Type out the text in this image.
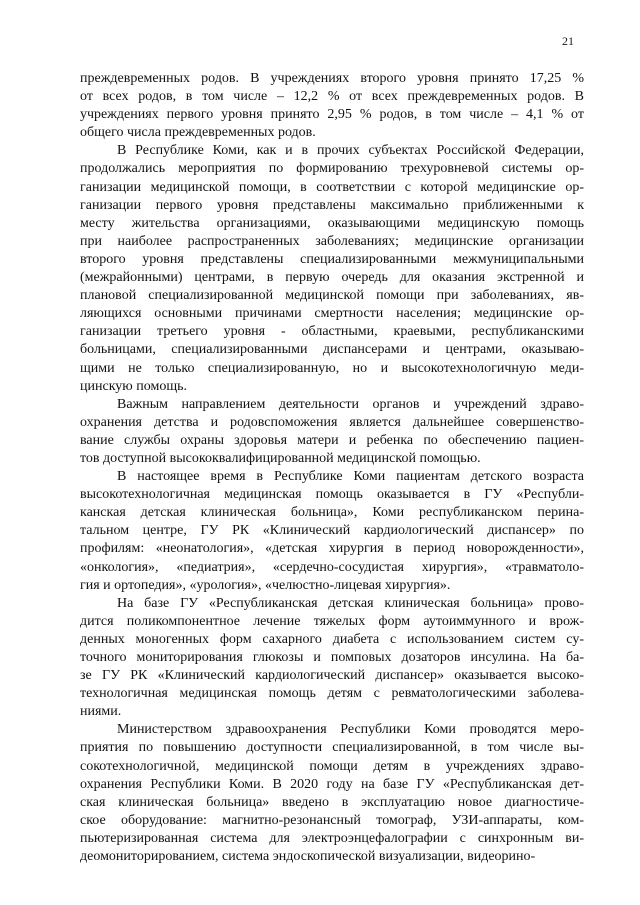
21
преждевременных родов. В учреждениях второго уровня принято 17,25 %
от всех родов, в том числе – 12,2 % от всех преждевременных родов. В
учреждениях первого уровня принято 2,95 % родов, в том числе – 4,1 % от
общего числа преждевременных родов.
В Республике Коми, как и в прочих субъектах Российской Федерации,
продолжались мероприятия по формированию трехуровневой системы ор-
ганизации медицинской помощи, в соответствии с которой медицинские ор-
ганизации первого уровня представлены максимально приближенными к
месту жительства организациями, оказывающими медицинскую помощь
при наиболее распространенных заболеваниях; медицинские организации
второго уровня представлены специализированными межмуниципальными
(межрайонными) центрами, в первую очередь для оказания экстренной и
плановой специализированной медицинской помощи при заболеваниях, яв-
ляющихся основными причинами смертности населения; медицинские ор-
ганизации третьего уровня - областными, краевыми, республиканскими
больницами, специализированными диспансерами и центрами, оказываю-
щими не только специализированную, но и высокотехнологичную меди-
цинскую помощь.
Важным направлением деятельности органов и учреждений здраво-
охранения детства и родовспоможения является дальнейшее совершенство-
вание службы охраны здоровья матери и ребенка по обеспечению пациен-
тов доступной высококвалифицированной медицинской помощью.
В настоящее время в Республике Коми пациентам детского возраста
высокотехнологичная медицинская помощь оказывается в ГУ «Республи-
канская детская клиническая больница», Коми республиканском перина-
тальном центре, ГУ РК «Клинический кардиологический диспансер» по
профилям: «неонатология», «детская хирургия в период новорожденности»,
«онкология», «педиатрия», «сердечно-сосудистая хирургия», «травматоло-
гия и ортопедия», «урология», «челюстно-лицевая хирургия».
На базе ГУ «Республиканская детская клиническая больница» прово-
дится поликомпонентное лечение тяжелых форм аутоиммунного и врож-
денных моногенных форм сахарного диабета с использованием систем су-
точного мониторирования глюкозы и помповых дозаторов инсулина. На ба-
зе ГУ РК «Клинический кардиологический диспансер» оказывается высоко-
технологичная медицинская помощь детям с ревматологическими заболева-
ниями.
Министерством здравоохранения Республики Коми проводятся меро-
приятия по повышению доступности специализированной, в том числе вы-
сокотехнологичной, медицинской помощи детям в учреждениях здраво-
охранения Республики Коми. В 2020 году на базе ГУ «Республиканская дет-
ская клиническая больница» введено в эксплуатацию новое диагностиче-
ское оборудование: магнитно-резонансный томограф, УЗИ-аппараты, ком-
пьютеризированная система для электроэнцефалографии с синхронным ви-
деомониторированием, система эндоскопической визуализации, видеорино-
